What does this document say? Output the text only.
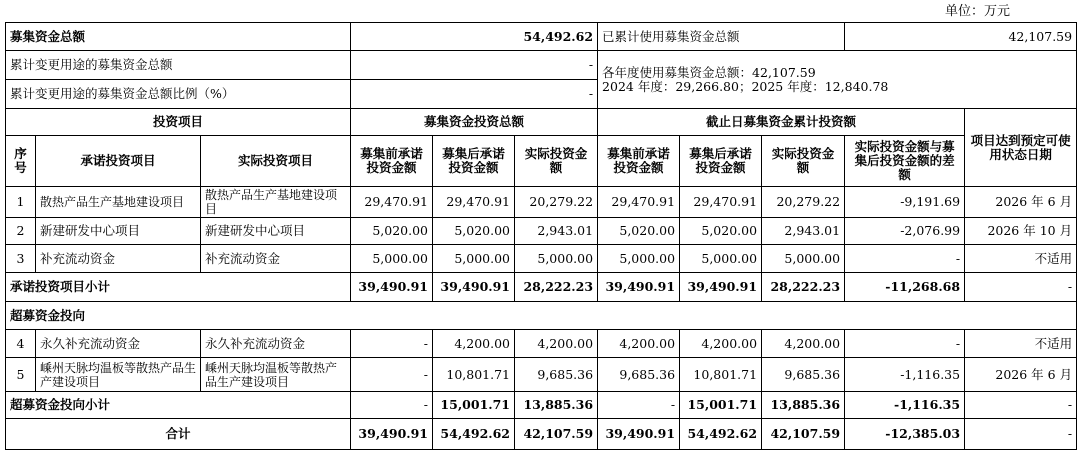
单位：万元
募集资金总额			54,492.62			已累计使用募集资金总额			42,107.59	
累计变更用途的募集资金总额			-			各年度使用募集资金总额：42,107.59
2024 年度：29,266.80；2025 年度：12,840.78				

累计变更用途的募集资金总额比例（%）			-							
投资项目			募集资金投资总额			截止日募集资金累计投资额				项目达到预定可使用状态日期
序号	承诺投资项目	实际投资项目	募集前承诺投资金额	募集后承诺投资金额	实际投资金额	募集前承诺投资金额	募集后承诺投资金额	实际投资金额	实际投资金额与募集后投资金额的差额	
1	散热产品生产基地建设项目	散热产品生产基地建设项目	29,470.91	29,470.91	20,279.22	29,470.91	29,470.91	20,279.22	-9,191.69	2026 年 6 月
2	新建研发中心项目	新建研发中心项目	5,020.00	5,020.00	2,943.01	5,020.00	5,020.00	2,943.01	-2,076.99	2026 年 10 月
3	补充流动资金	补充流动资金	5,000.00	5,000.00	5,000.00	5,000.00	5,000.00	5,000.00	-	不适用
承诺投资项目小计			39,490.91	39,490.91	28,222.23	39,490.91	39,490.91	28,222.23	-11,268.68	-
超募资金投向										
4	永久补充流动资金	永久补充流动资金	-	4,200.00	4,200.00	4,200.00	4,200.00	4,200.00	-	不适用
5	嵊州天脉均温板等散热产品生产建设项目	嵊州天脉均温板等散热产品生产建设项目	-	10,801.71	9,685.36	9,685.36	10,801.71	9,685.36	-1,116.35	2026 年 6 月
超募资金投向小计			-	15,001.71	13,885.36	-	15,001.71	13,885.36	-1,116.35	-
合计			39,490.91	54,492.62	42,107.59	39,490.91	54,492.62	42,107.59	-12,385.03	-
